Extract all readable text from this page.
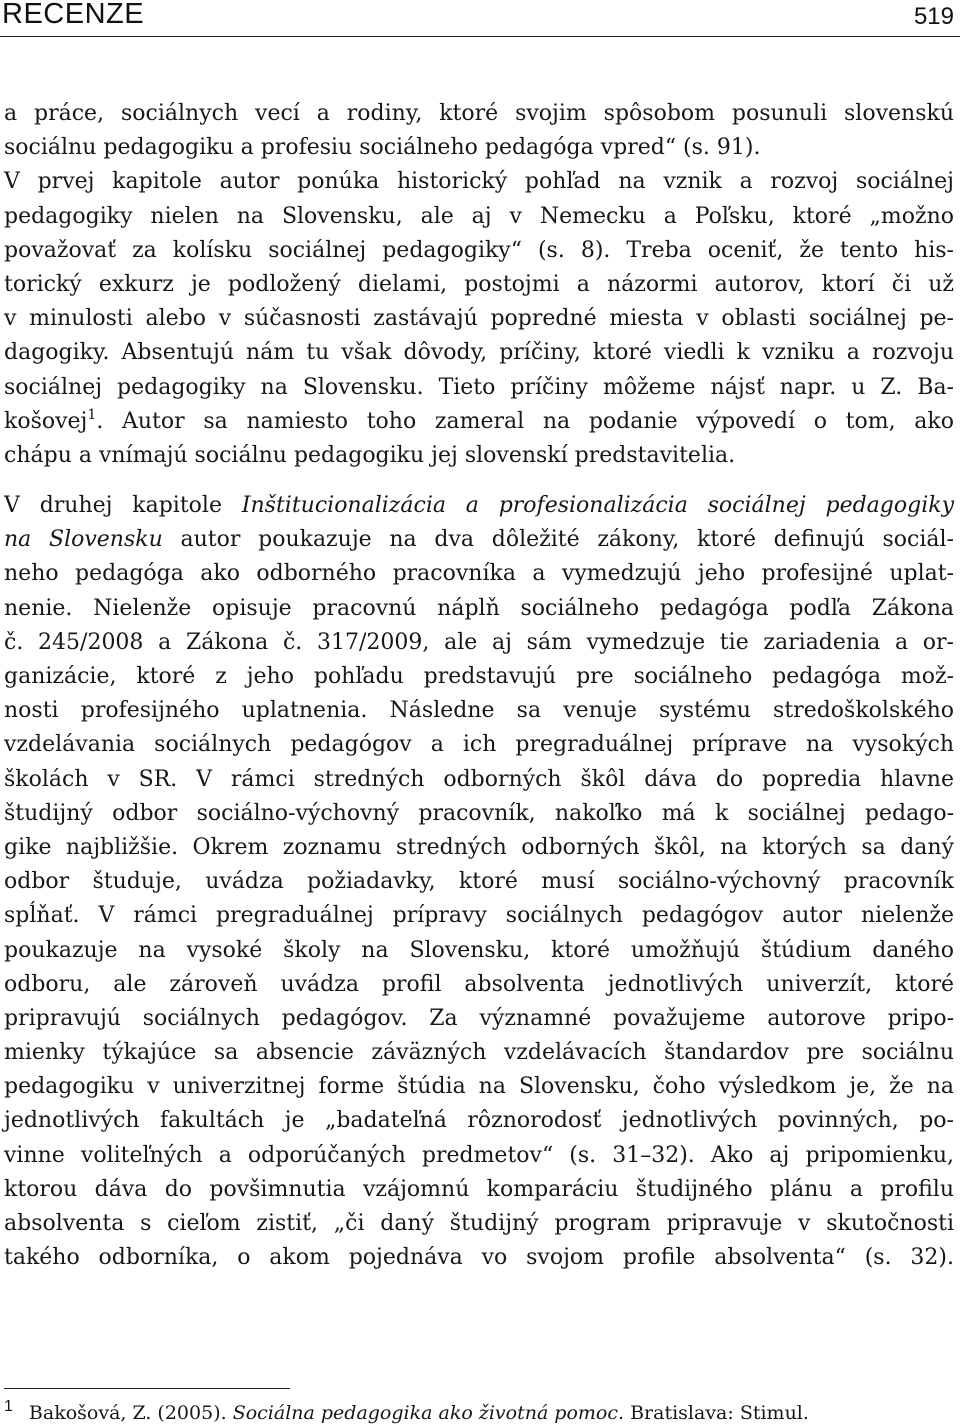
RECENZE	519
a práce, sociálnych vecí a rodiny, ktoré svojim spôsobom posunuli slovenskú
sociálnu pedagogiku a profesiu sociálneho pedagóga vpred“ (s. 91).
V prvej kapitole autor ponúka historický pohľad na vznik a rozvoj sociálnej
pedagogiky nielen na Slovensku, ale aj v Nemecku a Poľsku, ktoré „možno
považovať za kolísku sociálnej pedagogiky“ (s. 8). Treba oceniť, že tento his-
torický exkurz je podložený dielami, postojmi a názormi autorov, ktorí či už
v minulosti alebo v súčasnosti zastávajú popredné miesta v oblasti sociálnej pe-
dagogiky. Absentujú nám tu však dôvody, príčiny, ktoré viedli k vzniku a rozvoju
sociálnej pedagogiky na Slovensku. Tieto príčiny môžeme nájsť napr. u Z. Ba-
košovej$^1$. Autor sa namiesto toho zameral na podanie výpovedí o tom, ako
chápu a vnímajú sociálnu pedagogiku jej slovenskí predstavitelia.
V druhej kapitole Inštitucionalizácia a profesionalizácia sociálnej pedagogiky
na Slovensku autor poukazuje na dva dôležité zákony, ktoré definujú sociál-
neho pedagóga ako odborného pracovníka a vymedzujú jeho profesijné uplat-
nenie. Nielenže opisuje pracovnú náplň sociálneho pedagóga podľa Zákona
č. 245/2008 a Zákona č. 317/2009, ale aj sám vymedzuje tie zariadenia a or-
ganizácie, ktoré z jeho pohľadu predstavujú pre sociálneho pedagóga mož-
nosti profesijného uplatnenia. Následne sa venuje systému stredoškolského
vzdelávania sociálnych pedagógov a ich pregraduálnej príprave na vysokých
školách v SR. V rámci stredných odborných škôl dáva do popredia hlavne
študijný odbor sociálno-výchovný pracovník, nakoľko má k sociálnej pedago-
gike najbližšie. Okrem zoznamu stredných odborných škôl, na ktorých sa daný
odbor študuje, uvádza požiadavky, ktoré musí sociálno-výchovný pracovník
spĺňať. V rámci pregraduálnej prípravy sociálnych pedagógov autor nielenže
poukazuje na vysoké školy na Slovensku, ktoré umožňujú štúdium daného
odboru, ale zároveň uvádza profil absolventa jednotlivých univerzít, ktoré
pripravujú sociálnych pedagógov. Za významné považujeme autorove pripo-
mienky týkajúce sa absencie záväzných vzdelávacích štandardov pre sociálnu
pedagogiku v univerzitnej forme štúdia na Slovensku, čoho výsledkom je, že na
jednotlivých fakultách je „badateľná rôznorodosť jednotlivých povinných, po-
vinne voliteľných a odporúčaných predmetov“ (s. 31–32). Ako aj pripomienku,
ktorou dáva do povšimnutia vzájomnú komparáciu študijného plánu a profilu
absolventa s cieľom zistiť, „či daný študijný program pripravuje v skutočnosti
takého odborníka, o akom pojednáva vo svojom profile absolventa“ (s. 32).
$^1$ Bakošová, Z. (2005). Sociálna pedagogika ako životná pomoc. Bratislava: Stimul.
